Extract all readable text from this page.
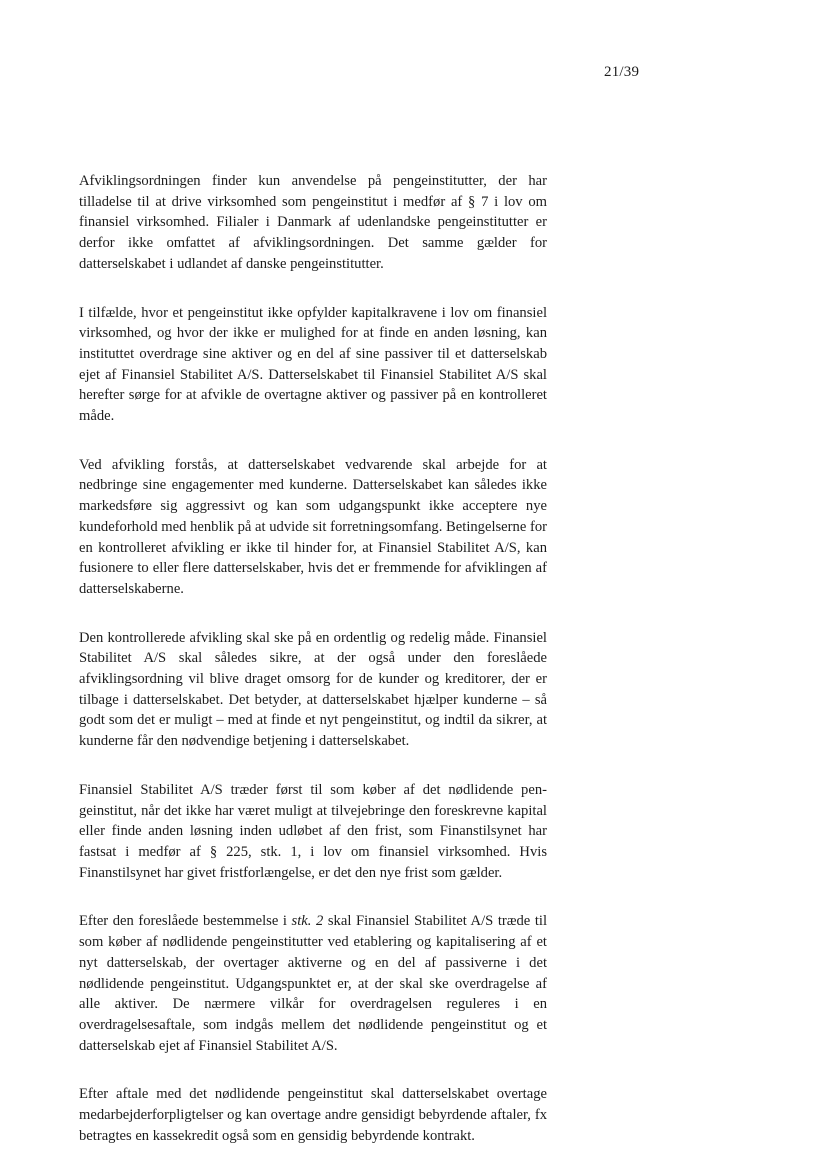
21/39

Afviklingsordningen finder kun anvendelse på pengeinstitutter, der har tilladelse til at drive virksomhed som pengeinstitut i medfør af § 7 i lov om finansiel virksomhed. Filialer i Danmark af udenlandske pengeinstitutter er derfor ikke omfattet af afviklingsordningen. Det samme gælder for datterselskabet i udlandet af danske pengeinstitutter.

I tilfælde, hvor et pengeinstitut ikke opfylder kapitalkravene i lov om finansiel virksomhed, og hvor der ikke er mulighed for at finde en anden løsning, kan instituttet overdrage sine aktiver og en del af sine passiver til et datterselskab ejet af Finansiel Stabilitet A/S. Datterselskabet til Finansiel Stabilitet A/S skal herefter sørge for at afvikle de overtagne aktiver og passiver på en kontrolleret måde.

Ved afvikling forstås, at datterselskabet vedvarende skal arbejde for at nedbringe sine engagementer med kunderne. Datterselskabet kan således ikke markedsføre sig aggressivt og kan som udgangspunkt ikke acceptere nye kundeforhold med henblik på at udvide sit forretningsomfang. Betingelserne for en kontrolleret afvikling er ikke til hinder for, at Finansiel Stabilitet A/S, kan fusionere to eller flere datterselskaber, hvis det er fremmende for afviklingen af datterselskaberne.

Den kontrollerede afvikling skal ske på en ordentlig og redelig måde. Finansiel Stabilitet A/S skal således sikre, at der også under den foreslåede afviklingsordning vil blive draget omsorg for de kunder og kreditorer, der er tilbage i datterselskabet. Det betyder, at datterselskabet hjælper kunderne – så godt som det er muligt – med at finde et nyt pengeinstitut, og indtil da sikrer, at kunderne får den nødvendige betjening i datterselskabet.

Finansiel Stabilitet A/S træder først til som køber af det nødlidende pengeinstitut, når det ikke har været muligt at tilvejebringe den foreskrevne kapital eller finde anden løsning inden udløbet af den frist, som Finanstilsynet har fastsat i medfør af § 225, stk. 1, i lov om finansiel virksomhed. Hvis Finanstilsynet har givet fristforlængelse, er det den nye frist som gælder.

Efter den foreslåede bestemmelse i stk. 2 skal Finansiel Stabilitet A/S træde til som køber af nødlidende pengeinstitutter ved etablering og kapitalisering af et nyt datterselskab, der overtager aktiverne og en del af passiverne i det nødlidende pengeinstitut. Udgangspunktet er, at der skal ske overdragelse af alle aktiver. De nærmere vilkår for overdragelsen reguleres i en overdragelsesaftale, som indgås mellem det nødlidende pengeinstitut og et datterselskab ejet af Finansiel Stabilitet A/S.

Efter aftale med det nødlidende pengeinstitut skal datterselskabet overtage medarbejderforpligtelser og kan overtage andre gensidigt bebyrdende aftaler, fx betragtes en kassekredit også som en gensidig bebyrdende kontrakt.
